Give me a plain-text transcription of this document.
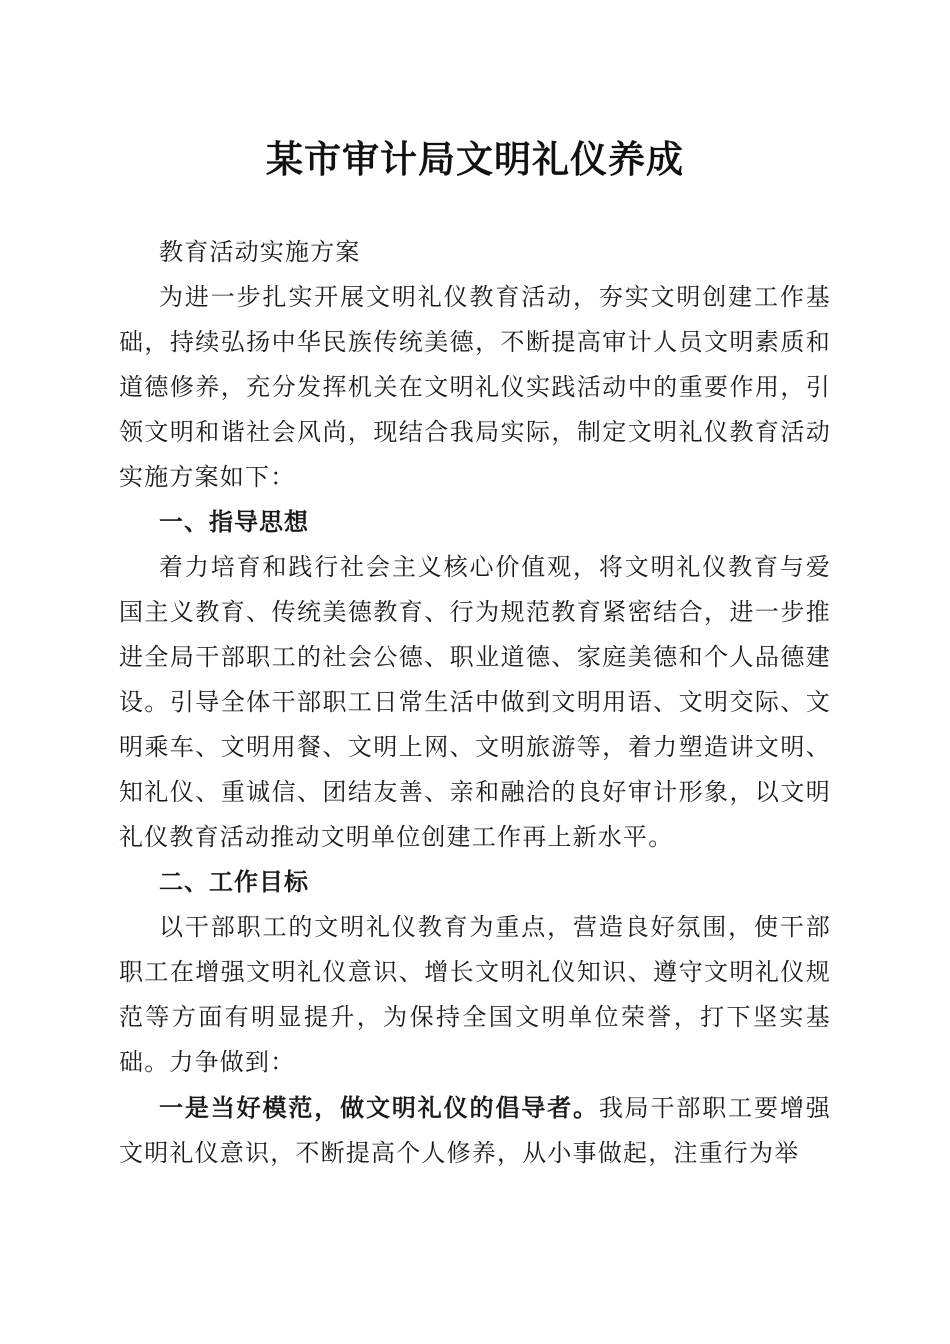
某市审计局文明礼仪养成

教育活动实施方案

为进一步扎实开展文明礼仪教育活动，夯实文明创建工作基础，持续弘扬中华民族传统美德，不断提高审计人员文明素质和道德修养，充分发挥机关在文明礼仪实践活动中的重要作用，引领文明和谐社会风尚，现结合我局实际，制定文明礼仪教育活动实施方案如下：

一、指导思想

着力培育和践行社会主义核心价值观，将文明礼仪教育与爱国主义教育、传统美德教育、行为规范教育紧密结合，进一步推进全局干部职工的社会公德、职业道德、家庭美德和个人品德建设。引导全体干部职工日常生活中做到文明用语、文明交际、文明乘车、文明用餐、文明上网、文明旅游等，着力塑造讲文明、知礼仪、重诚信、团结友善、亲和融洽的良好审计形象，以文明礼仪教育活动推动文明单位创建工作再上新水平。

二、工作目标

以干部职工的文明礼仪教育为重点，营造良好氛围，使干部职工在增强文明礼仪意识、增长文明礼仪知识、遵守文明礼仪规范等方面有明显提升，为保持全国文明单位荣誉，打下坚实基础。力争做到：

一是当好模范，做文明礼仪的倡导者。我局干部职工要增强文明礼仪意识，不断提高个人修养，从小事做起，注重行为举
